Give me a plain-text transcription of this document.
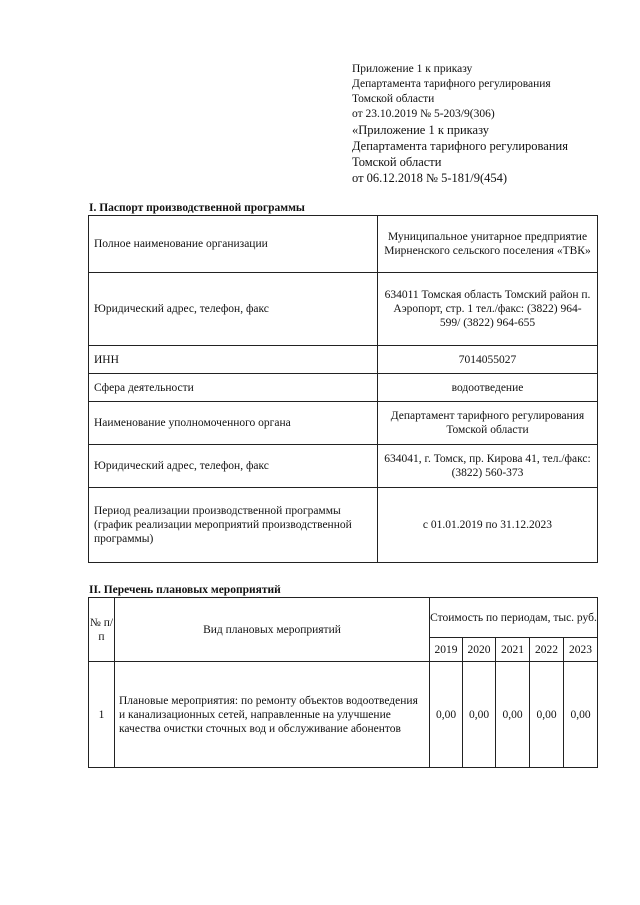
Приложение 1 к приказу
Департамента тарифного регулирования
Томской области
от 23.10.2019 № 5-203/9(306)
«Приложение 1 к приказу
Департамента тарифного регулирования
Томской области
от 06.12.2018 № 5-181/9(454)
I. Паспорт производственной программы
Полное наименование организации	Муниципальное унитарное предприятие Мирненского сельского поселения «ТВК»
Юридический адрес, телефон, факс	634011 Томская область Томский район п. Аэропорт, стр. 1 тел./факс: (3822) 964-599/ (3822) 964-655
ИНН	7014055027
Сфера деятельности	водоотведение
Наименование уполномоченного органа	Департамент тарифного регулирования Томской области
Юридический адрес, телефон, факс	634041, г. Томск, пр. Кирова 41, тел./факс: (3822) 560-373
Период реализации производственной программы (график реализации мероприятий производственной программы)	с 01.01.2019 по 31.12.2023
II. Перечень плановых мероприятий
№ п/п	Вид плановых мероприятий	Стоимость по периодам, тыс. руб.				
		2019	2020	2021	2022	2023
1	Плановые мероприятия: по ремонту объектов водоотведения и канализационных сетей, направленные на улучшение качества очистки сточных вод и обслуживание абонентов	0,00	0,00	0,00	0,00	0,00
